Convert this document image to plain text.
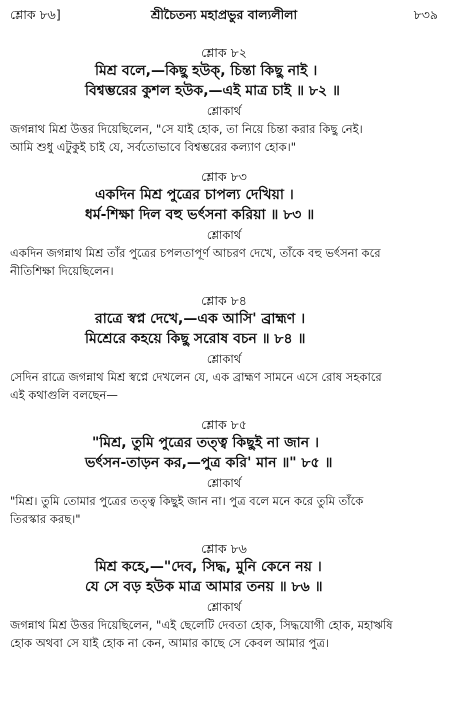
শ্লোক ৮৬]	শ্রীচৈতন্য মহাপ্রভুর বাল্যলীলা	৮৩৯
শ্লোক ৮২
মিশ্র বলে,—কিছু হউক্, চিন্তা কিছু নাই ।
বিশ্বম্ভরের কুশল হউক,—এই মাত্র চাই ॥ ৮২ ॥
শ্লোকার্থ
জগন্নাথ মিশ্র উত্তর দিয়েছিলেন, "সে যাই হোক, তা নিয়ে চিন্তা করার কিছু নেই।
আমি শুধু এটুকুই চাই যে, সর্বতোভাবে বিশ্বম্ভরের কল্যাণ হোক।"
শ্লোক ৮৩
একদিন মিশ্র পুত্রের চাপল্য দেখিয়া ।
ধর্ম-শিক্ষা দিল বহু ভর্ৎসনা করিয়া ॥ ৮৩ ॥
শ্লোকার্থ
একদিন জগন্নাথ মিশ্র তাঁর পুত্রের চপলতাপূর্ণ আচরণ দেখে, তাঁকে বহু ভর্ৎসনা করে
নীতিশিক্ষা দিয়েছিলেন।
শ্লোক ৮৪
রাত্রে স্বপ্ন দেখে,—এক আসি' ব্রাহ্মণ ।
মিশ্রেরে কহয়ে কিছু সরোষ বচন ॥ ৮৪ ॥
শ্লোকার্থ
সেদিন রাত্রে জগন্নাথ মিশ্র স্বপ্নে দেখলেন যে, এক ব্রাহ্মণ সামনে এসে রোষ সহকারে
এই কথাগুলি বলছেন—
শ্লোক ৮৫
"মিশ্র, তুমি পুত্রের তত্ত্ব কিছুই না জান ।
ভর্ৎসন-তাড়ন কর,—পুত্র করি' মান ॥" ৮৫ ॥
শ্লোকার্থ
"মিশ্র। তুমি তোমার পুত্রের তত্ত্ব কিছুই জান না। পুত্র বলে মনে করে তুমি তাঁকে
তিরস্কার করছ।"
শ্লোক ৮৬
মিশ্র কহে,—"দেব, সিদ্ধ, মুনি কেনে নয় ।
যে সে বড় হউক মাত্র আমার তনয় ॥ ৮৬ ॥
শ্লোকার্থ
জগন্নাথ মিশ্র উত্তর দিয়েছিলেন, "এই ছেলেটি দেবতা হোক, সিদ্ধযোগী হোক, মহাঋষি
হোক অথবা সে যাই হোক না কেন, আমার কাছে সে কেবল আমার পুত্র।
